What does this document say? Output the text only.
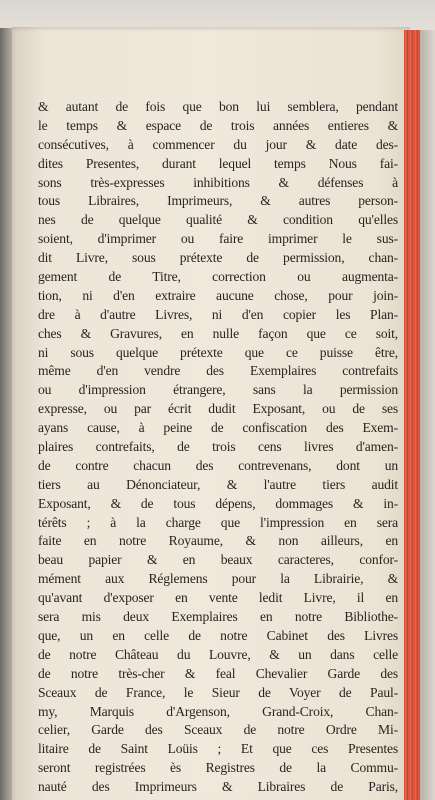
& autant de fois que bon lui semblera, pendant
le temps & espace de trois années entieres &
consécutives, à commencer du jour & date des-
dites Presentes, durant lequel temps Nous fai-
sons très-expresses inhibitions & défenses à
tous Libraires, Imprimeurs, & autres person-
nes de quelque qualité & condition qu'elles
soient, d'imprimer ou faire imprimer le sus-
dit Livre, sous prétexte de permission, chan-
gement de Titre, correction ou augmenta-
tion, ni d'en extraire aucune chose, pour join-
dre à d'autre Livres, ni d'en copier les Plan-
ches & Gravures, en nulle façon que ce soit,
ni sous quelque prétexte que ce puisse être,
même d'en vendre des Exemplaires contrefaits
ou d'impression étrangere, sans la permission
expresse, ou par écrit dudit Exposant, ou de ses
ayans cause, à peine de confiscation des Exem-
plaires contrefaits, de trois cens livres d'amen-
de contre chacun des contrevenans, dont un
tiers au Dénonciateur, & l'autre tiers audit
Exposant, & de tous dépens, dommages & in-
térêts ; à la charge que l'impression en sera
faite en notre Royaume, & non ailleurs, en
beau papier & en beaux caracteres, confor-
mément aux Réglemens pour la Librairie, &
qu'avant d'exposer en vente ledit Livre, il en
sera mis deux Exemplaires en notre Bibliothe-
que, un en celle de notre Cabinet des Livres
de notre Château du Louvre, & un dans celle
de notre très-cher & feal Chevalier Garde des
Sceaux de France, le Sieur de Voyer de Paul-
my, Marquis d'Argenson, Grand-Croix, Chan-
celier, Garde des Sceaux de notre Ordre Mi-
litaire de Saint Loüis ; Et que ces Presentes
seront registrées ès Registres de la Commu-
nauté des Imprimeurs & Libraires de Paris,
